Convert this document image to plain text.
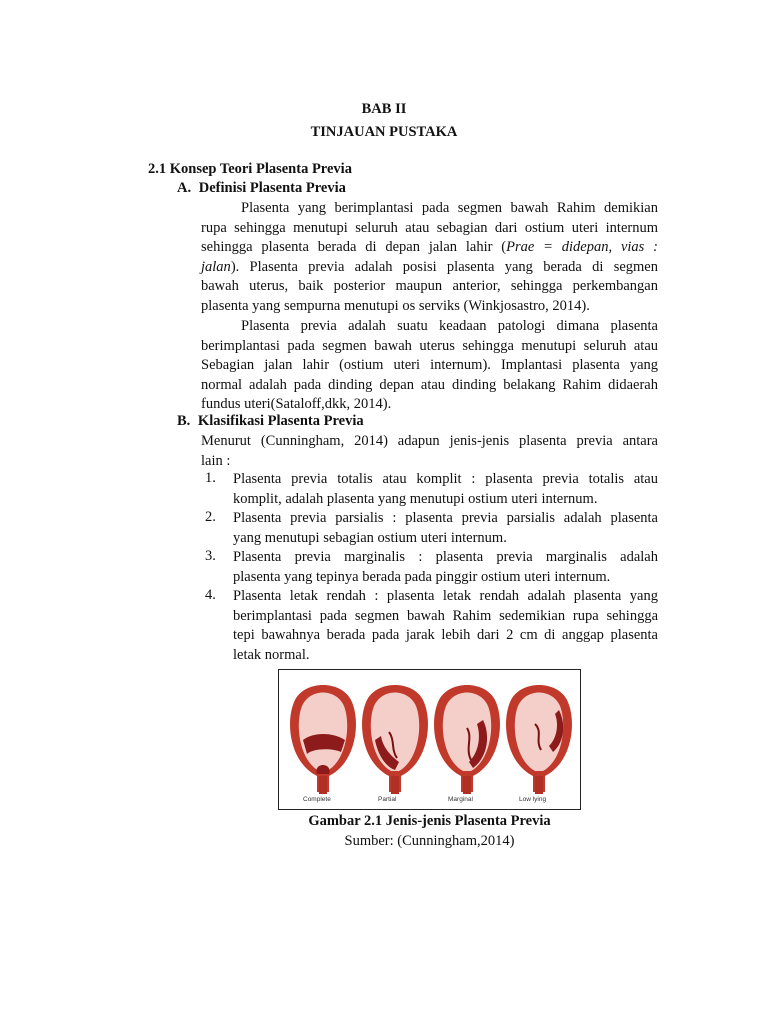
BAB II
TINJAUAN PUSTAKA
2.1 Konsep Teori Plasenta Previa
A. Definisi Plasenta Previa
Plasenta yang berimplantasi pada segmen bawah Rahim demikian
rupa sehingga menutupi seluruh atau sebagian dari ostium uteri internum
sehingga plasenta berada di depan jalan lahir (Prae = didepan, vias :
jalan). Plasenta previa adalah posisi plasenta yang berada di segmen
bawah uterus, baik posterior maupun anterior, sehingga perkembangan
plasenta yang sempurna menutupi os serviks (Winkjosastro, 2014).
Plasenta previa adalah suatu keadaan patologi dimana plasenta
berimplantasi pada segmen bawah uterus sehingga menutupi seluruh atau
Sebagian jalan lahir (ostium uteri internum). Implantasi plasenta yang
normal adalah pada dinding depan atau dinding belakang Rahim didaerah
fundus uteri(Sataloff,dkk, 2014).
B. Klasifikasi Plasenta Previa
Menurut (Cunningham, 2014) adapun jenis-jenis plasenta previa antara
lain :
1. Plasenta previa totalis atau komplit : plasenta previa totalis atau
komplit, adalah plasenta yang menutupi ostium uteri internum.
2. Plasenta previa parsialis : plasenta previa parsialis adalah plasenta
yang menutupi sebagian ostium uteri internum.
3. Plasenta previa marginalis : plasenta previa marginalis adalah
plasenta yang tepinya berada pada pinggir ostium uteri internum.
4. Plasenta letak rendah : plasenta letak rendah adalah plasenta yang
berimplantasi pada segmen bawah Rahim sedemikian rupa sehingga
tepi bawahnya berada pada jarak lebih dari 2 cm di anggap plasenta
letak normal.
Complete	Partial	Marginal	Low lying
Gambar 2.1 Jenis-jenis Plasenta Previa
Sumber: (Cunningham,2014)
